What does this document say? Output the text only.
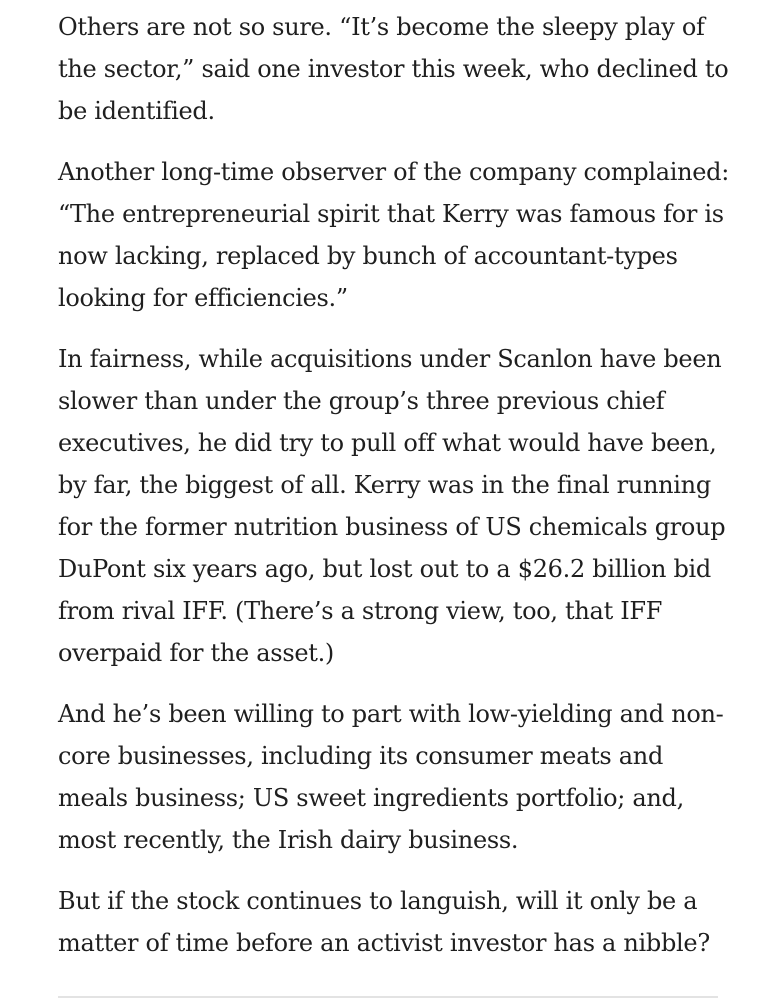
Others are not so sure. “It’s become the sleepy play of the sector,” said one investor this week, who declined to be identified.

Another long-time observer of the company complained: “The entrepreneurial spirit that Kerry was famous for is now lacking, replaced by bunch of accountant-types looking for efficiencies.”

In fairness, while acquisitions under Scanlon have been slower than under the group’s three previous chief executives, he did try to pull off what would have been, by far, the biggest of all. Kerry was in the final running for the former nutrition business of US chemicals group DuPont six years ago, but lost out to a $26.2 billion bid from rival IFF. (There’s a strong view, too, that IFF overpaid for the asset.)

And he’s been willing to part with low-yielding and non-core businesses, including its consumer meats and meals business; US sweet ingredients portfolio; and, most recently, the Irish dairy business.

But if the stock continues to languish, will it only be a matter of time before an activist investor has a nibble?
